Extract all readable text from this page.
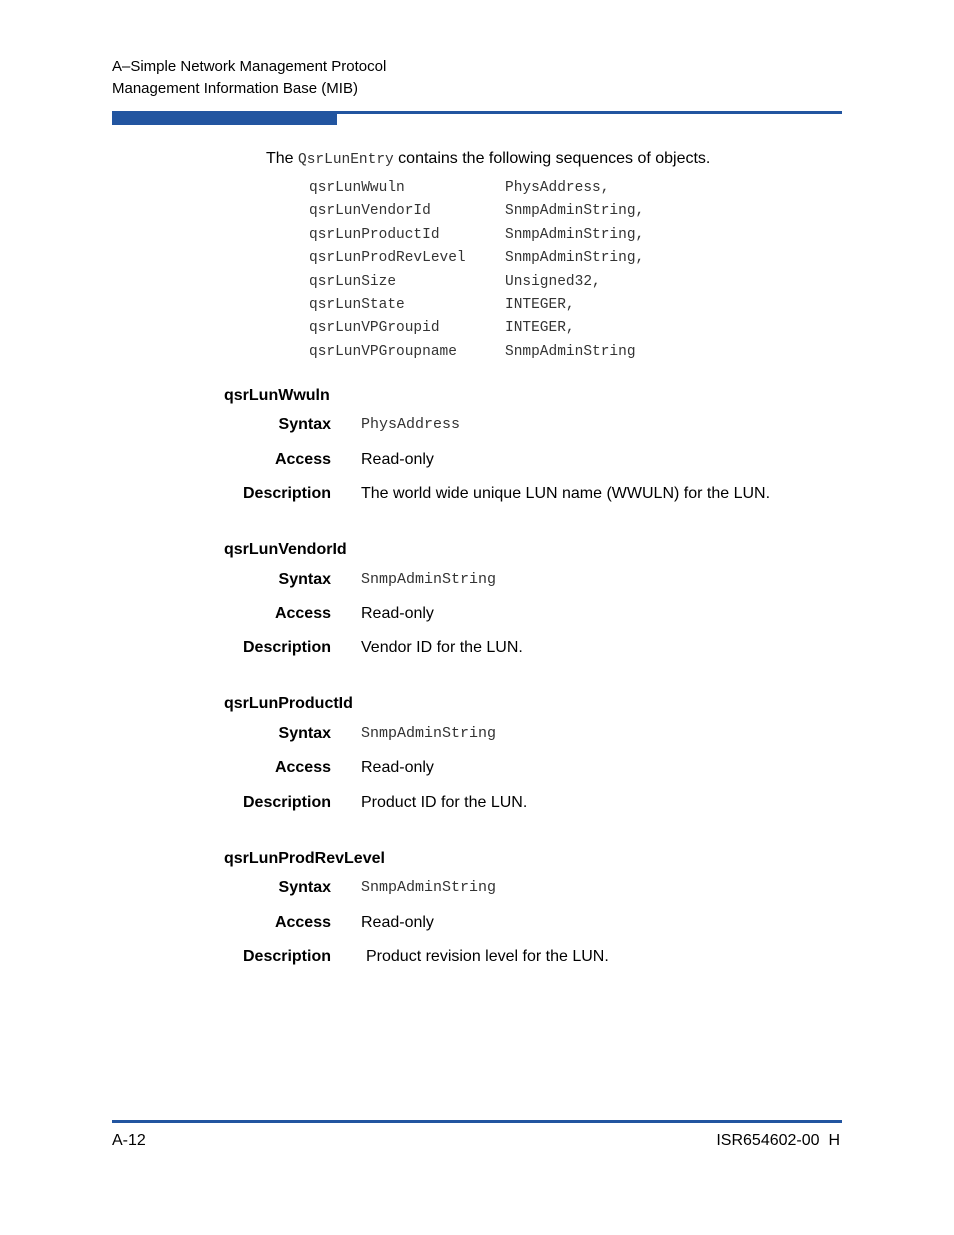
A–Simple Network Management Protocol
Management Information Base (MIB)
The QsrLunEntry contains the following sequences of objects.
qsrLunWwuln	PhysAddress,
qsrLunVendorId	SnmpAdminString,
qsrLunProductId	SnmpAdminString,
qsrLunProdRevLevel	SnmpAdminString,
qsrLunSize	Unsigned32,
qsrLunState	INTEGER,
qsrLunVPGroupid	INTEGER,
qsrLunVPGroupname	SnmpAdminString
qsrLunWwuln
Syntax PhysAddress
Access Read-only
Description The world wide unique LUN name (WWULN) for the LUN.
qsrLunVendorId
Syntax SnmpAdminString
Access Read-only
Description Vendor ID for the LUN.
qsrLunProductId
Syntax SnmpAdminString
Access Read-only
Description Product ID for the LUN.
qsrLunProdRevLevel
Syntax SnmpAdminString
Access Read-only
Description Product revision level for the LUN.
A-12	ISR654602-00  H
